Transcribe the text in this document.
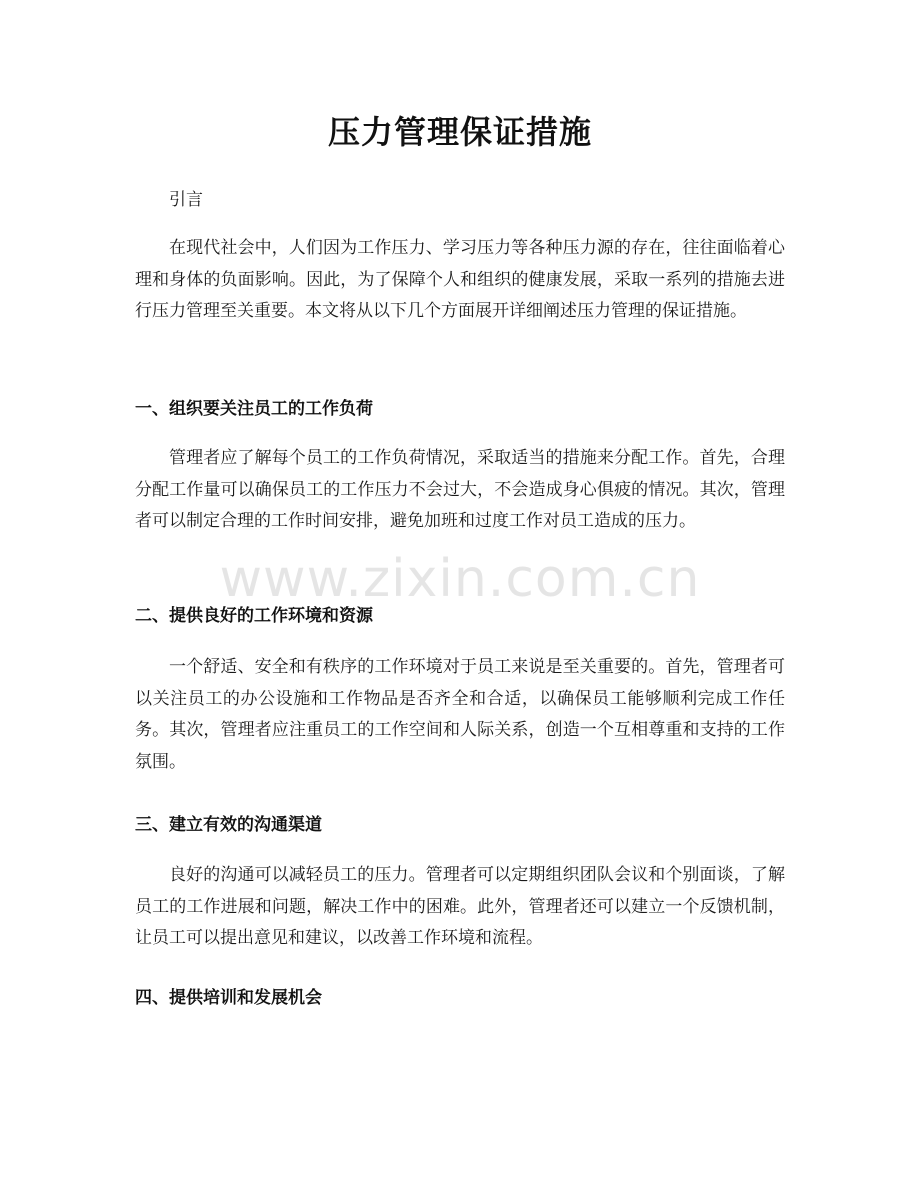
压力管理保证措施

引言

在现代社会中，人们因为工作压力、学习压力等各种压力源的存在，往往面临着心理和身体的负面影响。因此，为了保障个人和组织的健康发展，采取一系列的措施去进行压力管理至关重要。本文将从以下几个方面展开详细阐述压力管理的保证措施。

一、组织要关注员工的工作负荷

管理者应了解每个员工的工作负荷情况，采取适当的措施来分配工作。首先，合理分配工作量可以确保员工的工作压力不会过大，不会造成身心俱疲的情况。其次，管理者可以制定合理的工作时间安排，避免加班和过度工作对员工造成的压力。

二、提供良好的工作环境和资源

一个舒适、安全和有秩序的工作环境对于员工来说是至关重要的。首先，管理者可以关注员工的办公设施和工作物品是否齐全和合适，以确保员工能够顺利完成工作任务。其次，管理者应注重员工的工作空间和人际关系，创造一个互相尊重和支持的工作氛围。

三、建立有效的沟通渠道

良好的沟通可以减轻员工的压力。管理者可以定期组织团队会议和个别面谈，了解员工的工作进展和问题，解决工作中的困难。此外，管理者还可以建立一个反馈机制，让员工可以提出意见和建议，以改善工作环境和流程。

四、提供培训和发展机会
www.zixin.com.cn
